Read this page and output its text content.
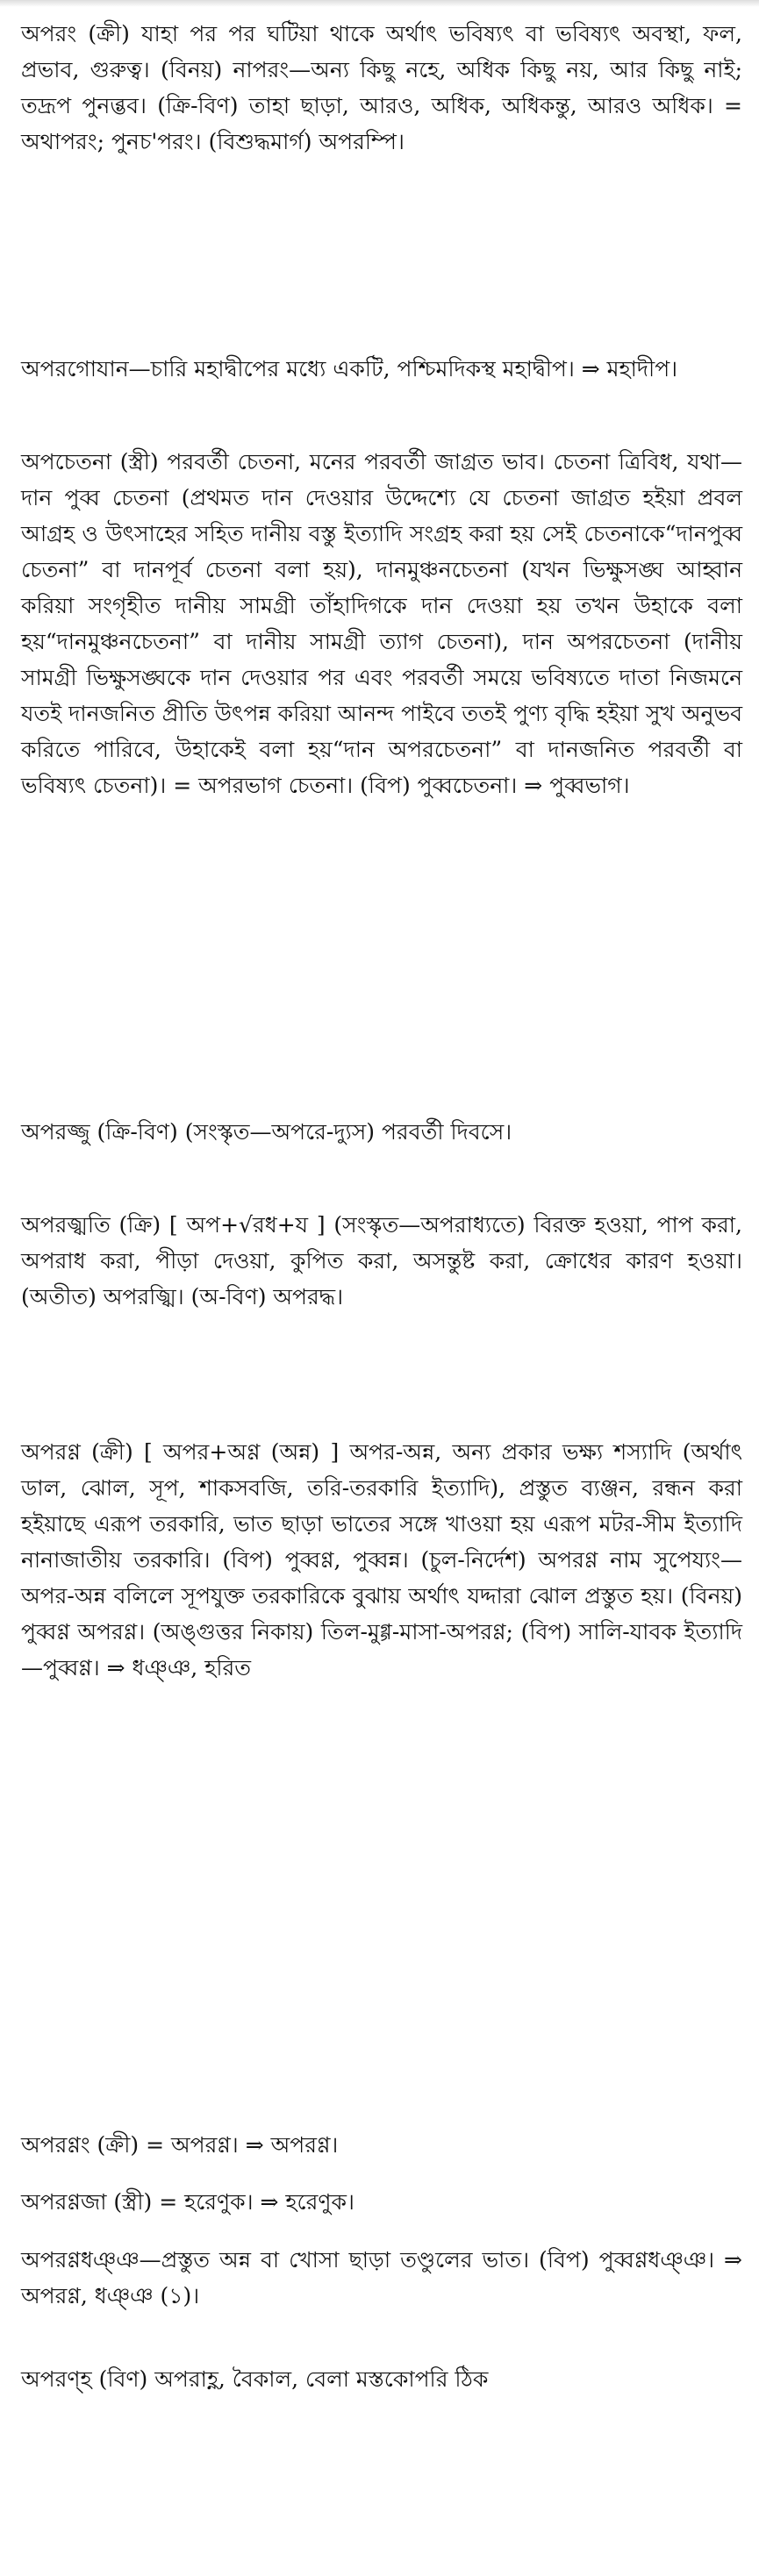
অপরং (ক্রী) যাহা পর পর ঘটিয়া থাকে অর্থাৎ ভবিষ্যৎ বা ভবিষ্যৎ অবস্থা, ফল, প্রভাব, গুরুত্ব। (বিনয়) নাপরং—অন্য কিছু নহে, অধিক কিছু নয়, আর কিছু নাই; তদ্রূপ পুনব্ভব। (ক্রি-বিণ) তাহা ছাড়া, আরও, অধিক, অধিকন্তু, আরও অধিক। = অথাপরং; পুনচ'পরং। (বিশুদ্ধমার্গ) অপরম্পি।

অপরগোযান—চারি মহাদ্বীপের মধ্যে একটি, পশ্চিমদিকস্থ মহাদ্বীপ। ⇒ মহাদীপ।

অপচেতনা (স্ত্রী) পরবর্তী চেতনা, মনের পরবর্তী জাগ্রত ভাব। চেতনা ত্রিবিধ, যথা—দান পুব্ব চেতনা (প্রথমত দান দেওয়ার উদ্দেশ্যে যে চেতনা জাগ্রত হইয়া প্রবল আগ্রহ ও উৎসাহের সহিত দানীয় বস্তু ইত্যাদি সংগ্রহ করা হয় সেই চেতনাকে“দানপুব্ব চেতনা” বা দানপূর্ব চেতনা বলা হয়), দানমুঞ্চনচেতনা (যখন ভিক্ষুসঙ্ঘ আহ্বান করিয়া সংগৃহীত দানীয় সামগ্রী তাঁহাদিগকে দান দেওয়া হয় তখন উহাকে বলা হয়“দানমুঞ্চনচেতনা” বা দানীয় সামগ্রী ত্যাগ চেতনা), দান অপরচেতনা (দানীয় সামগ্রী ভিক্ষুসঙ্ঘকে দান দেওয়ার পর এবং পরবর্তী সময়ে ভবিষ্যতে দাতা নিজমনে যতই দানজনিত প্রীতি উৎপন্ন করিয়া আনন্দ পাইবে ততই পুণ্য বৃদ্ধি হইয়া সুখ অনুভব করিতে পারিবে, উহাকেই বলা হয়“দান অপরচেতনা” বা দানজনিত পরবর্তী বা ভবিষ্যৎ চেতনা)। = অপরভাগ চেতনা। (বিপ) পুব্বচেতনা। ⇒ পুব্বভাগ।

অপরজ্জু (ক্রি-বিণ) (সংস্কৃত—অপরে-দ্যুস) পরবর্তী দিবসে।

অপরজ্ঝতি (ক্রি) [ অপ+√রধ+য ] (সংস্কৃত—অপরাধ্যতে) বিরক্ত হওয়া, পাপ করা, অপরাধ করা, পীড়া দেওয়া, কুপিত করা, অসন্তুষ্ট করা, ক্রোধের কারণ হওয়া। (অতীত) অপরজ্ঝি। (অ-বিণ) অপরদ্ধ।

অপরণ্ণ (ক্রী) [ অপর+অণ্ণ (অন্ন) ] অপর-অন্ন, অন্য প্রকার ভক্ষ্য শস্যাদি (অর্থাৎ ডাল, ঝোল, সূপ, শাকসবজি, তরি-তরকারি ইত্যাদি), প্রস্তুত ব্যঞ্জন, রন্ধন করা হইয়াছে এরূপ তরকারি, ভাত ছাড়া ভাতের সঙ্গে খাওয়া হয় এরূপ মটর-সীম ইত্যাদি নানাজাতীয় তরকারি। (বিপ) পুব্বণ্ণ, পুব্বন্ন। (চুল-নির্দেশ) অপরণ্ণ নাম সুপেয্যং—অপর-অন্ন বলিলে সূপযুক্ত তরকারিকে বুঝায় অর্থাৎ যদ্দারা ঝোল প্রস্তুত হয়। (বিনয়) পুব্বণ্ণ অপরণ্ণ। (অঙ্গুত্তর নিকায়) তিল-মুগ্গ-মাসা-অপরণ্ণ; (বিপ) সালি-যাবক ইত্যাদি—পুব্বণ্ণ। ⇒ ধঞ্ঞ, হরিত

অপরণ্ণং (ক্রী) = অপরণ্ণ। ⇒ অপরণ্ণ।

অপরণ্ণজা (স্ত্রী) = হরেণুক। ⇒ হরেণুক।

অপরণ্ণধঞ্ঞ—প্রস্তুত অন্ন বা খোসা ছাড়া তণ্ডুলের ভাত। (বিপ) পুব্বণ্ণধঞ্ঞ। ⇒ অপরণ্ণ, ধঞ্ঞ (১)।

অপরণ্হ (বিণ) অপরাহ্ণ, বৈকাল, বেলা মস্তকোপরি ঠিক
